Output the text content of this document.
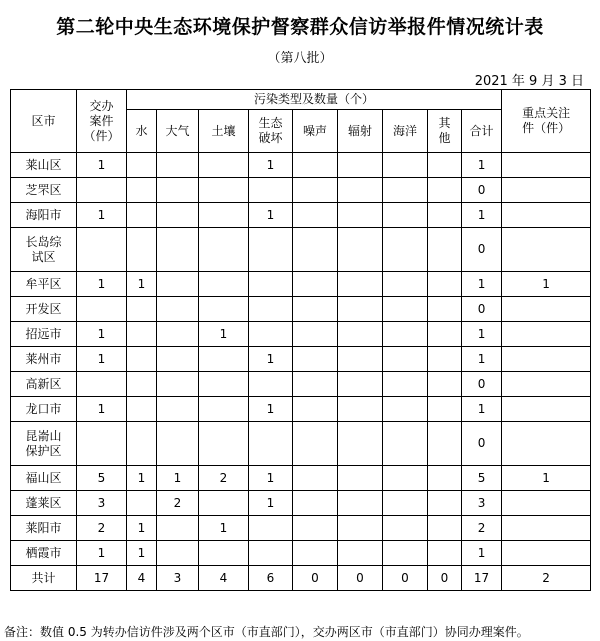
第二轮中央生态环境保护督察群众信访举报件情况统计表
（第八批）
2021 年 9 月 3 日
区市	交办
案件
（件）	污染类型及数量（个）									重点关注
件（件）
		水	大气	土壤	生态
破坏	噪声	辐射	海洋	其
他	合计	
莱山区	1				1					1	
芝罘区										0	
海阳市	1				1					1	
长岛综
试区										0	
牟平区	1	1								1	1
开发区										0	
招远市	1			1						1	
莱州市	1				1					1	
高新区										0	
龙口市	1				1					1	
昆嵛山
保护区										0	
福山区	5	1	1	2	1					5	1
蓬莱区	3		2		1					3	
莱阳市	2	1		1						2	
栖霞市	1	1								1	
共计	17	4	3	4	6	0	0	0	0	17	2
备注：数值 0.5 为转办信访件涉及两个区市（市直部门），交办两区市（市直部门）协同办理案件。
